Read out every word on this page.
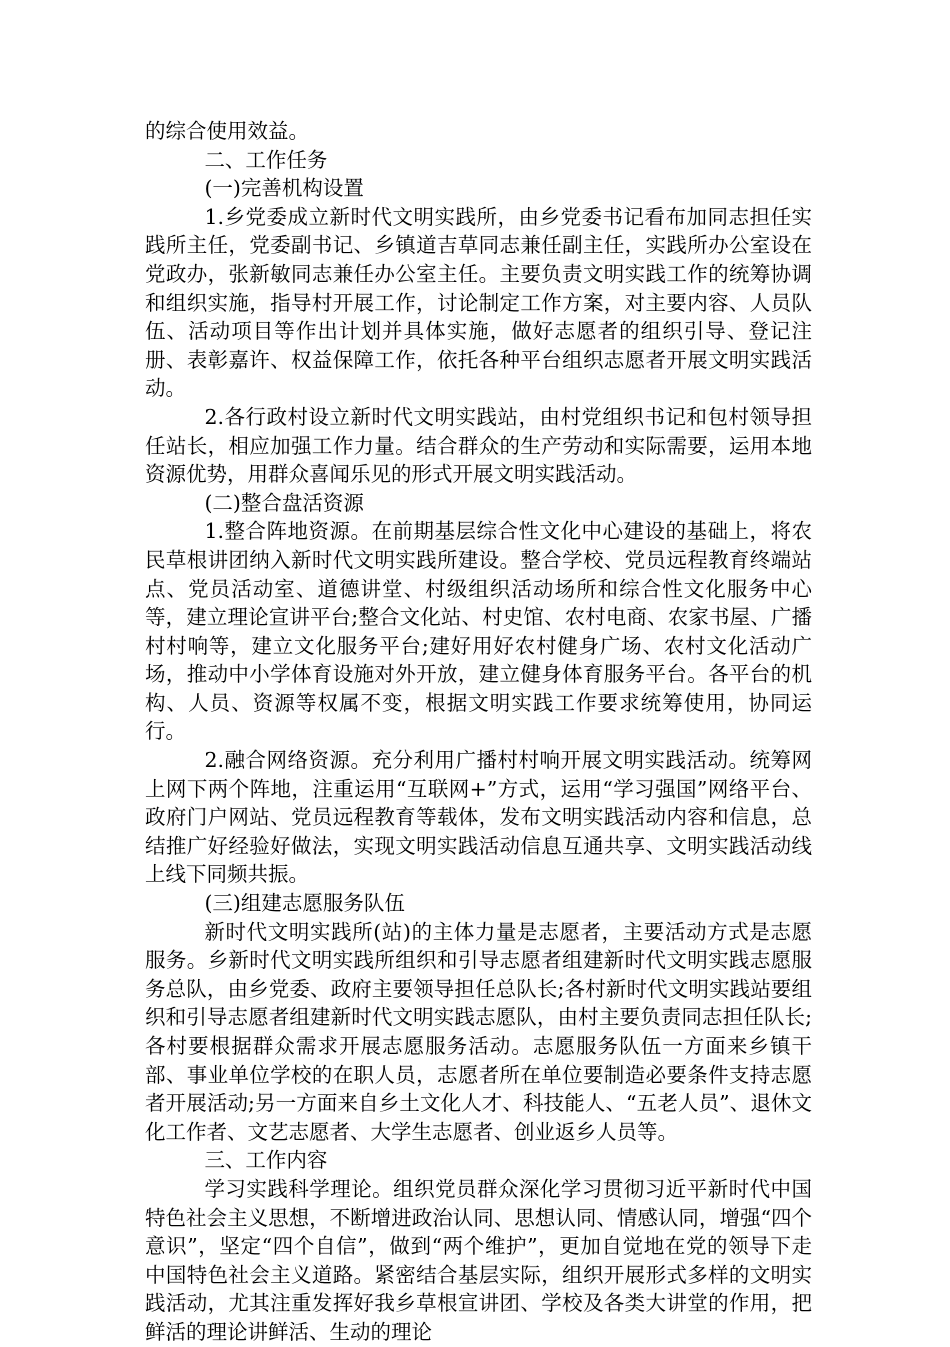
的综合使用效益。

二、工作任务

(一)完善机构设置

1.乡党委成立新时代文明实践所，由乡党委书记看布加同志担任实践所主任，党委副书记、乡镇道吉草同志兼任副主任，实践所办公室设在党政办，张新敏同志兼任办公室主任。主要负责文明实践工作的统筹协调和组织实施，指导村开展工作，讨论制定工作方案，对主要内容、人员队伍、活动项目等作出计划并具体实施，做好志愿者的组织引导、登记注册、表彰嘉许、权益保障工作，依托各种平台组织志愿者开展文明实践活动。

2.各行政村设立新时代文明实践站，由村党组织书记和包村领导担任站长，相应加强工作力量。结合群众的生产劳动和实际需要，运用本地资源优势，用群众喜闻乐见的形式开展文明实践活动。

(二)整合盘活资源

1.整合阵地资源。在前期基层综合性文化中心建设的基础上，将农民草根讲团纳入新时代文明实践所建设。整合学校、党员远程教育终端站点、党员活动室、道德讲堂、村级组织活动场所和综合性文化服务中心等，建立理论宣讲平台;整合文化站、村史馆、农村电商、农家书屋、广播村村响等，建立文化服务平台;建好用好农村健身广场、农村文化活动广场，推动中小学体育设施对外开放，建立健身体育服务平台。各平台的机构、人员、资源等权属不变，根据文明实践工作要求统筹使用，协同运行。

2.融合网络资源。充分利用广播村村响开展文明实践活动。统筹网上网下两个阵地，注重运用“互联网+”方式，运用“学习强国”网络平台、政府门户网站、党员远程教育等载体，发布文明实践活动内容和信息，总结推广好经验好做法，实现文明实践活动信息互通共享、文明实践活动线上线下同频共振。

(三)组建志愿服务队伍

新时代文明实践所(站)的主体力量是志愿者，主要活动方式是志愿服务。乡新时代文明实践所组织和引导志愿者组建新时代文明实践志愿服务总队，由乡党委、政府主要领导担任总队长;各村新时代文明实践站要组织和引导志愿者组建新时代文明实践志愿队，由村主要负责同志担任队长;各村要根据群众需求开展志愿服务活动。志愿服务队伍一方面来乡镇干部、事业单位学校的在职人员，志愿者所在单位要制造必要条件支持志愿者开展活动;另一方面来自乡土文化人才、科技能人、“五老人员”、退休文化工作者、文艺志愿者、大学生志愿者、创业返乡人员等。

三、工作内容

学习实践科学理论。组织党员群众深化学习贯彻习近平新时代中国特色社会主义思想，不断增进政治认同、思想认同、情感认同，增强“四个意识”，坚定“四个自信”，做到“两个维护”，更加自觉地在党的领导下走中国特色社会主义道路。紧密结合基层实际，组织开展形式多样的文明实践活动，尤其注重发挥好我乡草根宣讲团、学校及各类大讲堂的作用，把鲜活的理论讲鲜活、生动的理论
